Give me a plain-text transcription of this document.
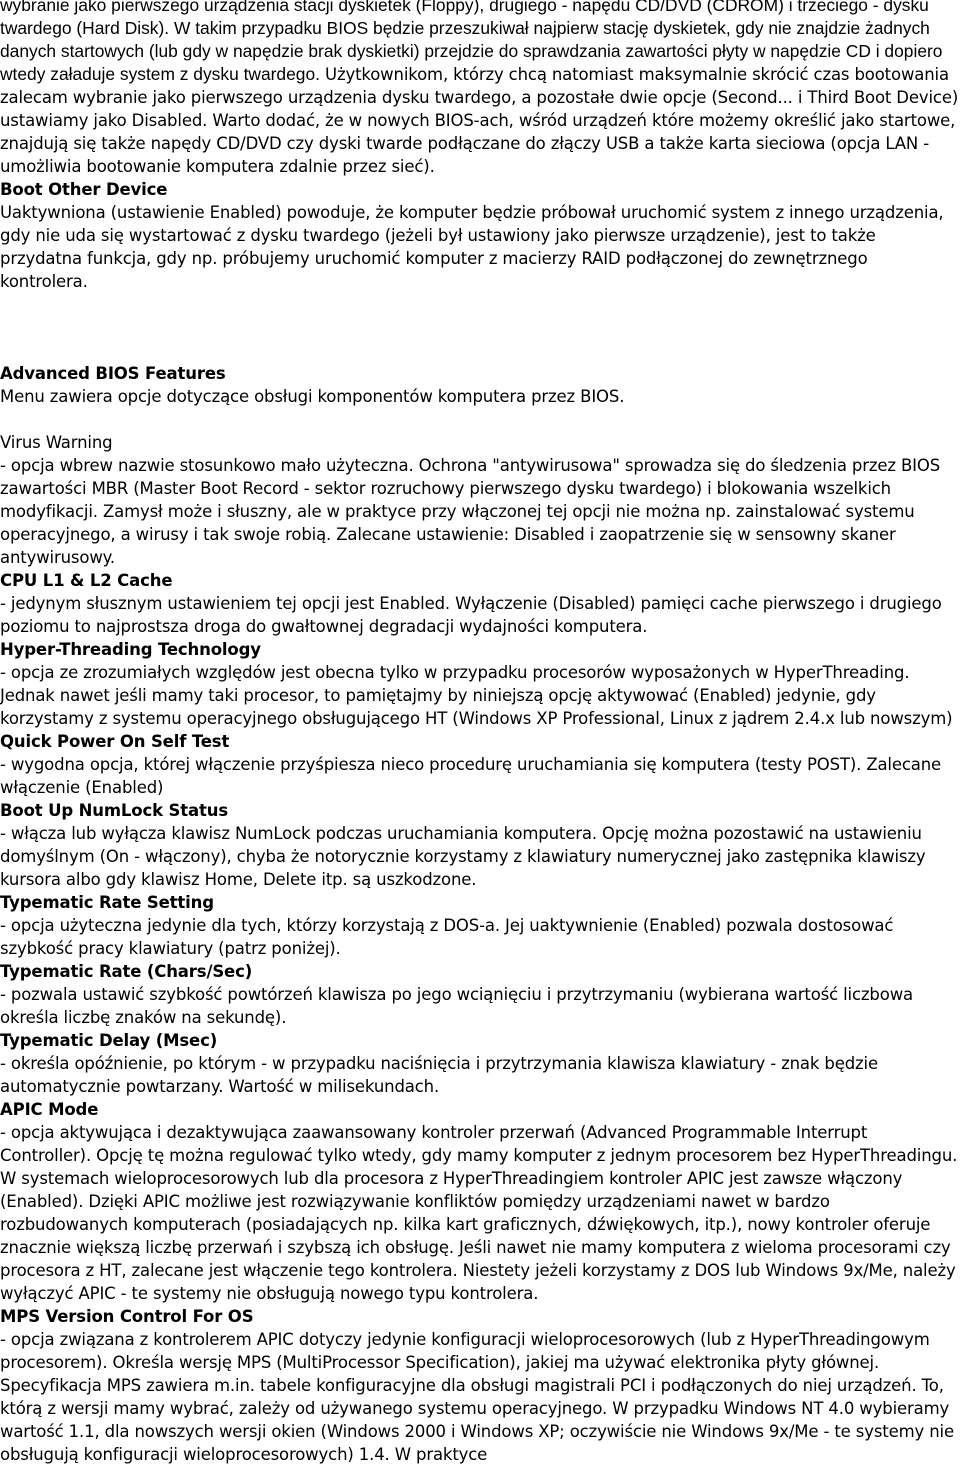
wybranie jako pierwszego urządzenia stacji dyskietek (Floppy), drugiego - napędu CD/DVD (CDROM) i trzeciego - dysku twardego (Hard Disk). W takim przypadku BIOS będzie przeszukiwał najpierw stację dyskietek, gdy nie znajdzie żadnych danych startowych (lub gdy w napędzie brak dyskietki) przejdzie do sprawdzania zawartości płyty w napędzie CD i dopiero wtedy załaduje system z dysku twardego. Użytkownikom, którzy chcą natomiast maksymalnie skrócić czas bootowania zalecam wybranie jako pierwszego urządzenia dysku twardego, a pozostałe dwie opcje (Second... i Third Boot Device) ustawiamy jako Disabled. Warto dodać, że w nowych BIOS-ach, wśród urządzeń które możemy określić jako startowe, znajdują się także napędy CD/DVD czy dyski twarde podłączane do złączy USB a także karta sieciowa (opcja LAN - umożliwia bootowanie komputera zdalnie przez sieć).

Boot Other Device

Uaktywniona (ustawienie Enabled) powoduje, że komputer będzie próbował uruchomić system z innego urządzenia, gdy nie uda się wystartować z dysku twardego (jeżeli był ustawiony jako pierwsze urządzenie), jest to także przydatna funkcja, gdy np. próbujemy uruchomić komputer z macierzy RAID podłączonej do zewnętrznego kontrolera.

Advanced BIOS Features

Menu zawiera opcje dotyczące obsługi komponentów komputera przez BIOS.

Virus Warning

- opcja wbrew nazwie stosunkowo mało użyteczna. Ochrona "antywirusowa" sprowadza się do śledzenia przez BIOS zawartości MBR (Master Boot Record - sektor rozruchowy pierwszego dysku twardego) i blokowania wszelkich modyfikacji. Zamysł może i słuszny, ale w praktyce przy włączonej tej opcji nie można np. zainstalować systemu operacyjnego, a wirusy i tak swoje robią. Zalecane ustawienie: Disabled i zaopatrzenie się w sensowny skaner antywirusowy.

CPU L1 & L2 Cache

- jedynym słusznym ustawieniem tej opcji jest Enabled. Wyłączenie (Disabled) pamięci cache pierwszego i drugiego poziomu to najprostsza droga do gwałtownej degradacji wydajności komputera.

Hyper-Threading Technology

- opcja ze zrozumiałych względów jest obecna tylko w przypadku procesorów wyposażonych w HyperThreading. Jednak nawet jeśli mamy taki procesor, to pamiętajmy by niniejszą opcję aktywować (Enabled) jedynie, gdy korzystamy z systemu operacyjnego obsługującego HT (Windows XP Professional, Linux z jądrem 2.4.x lub nowszym)

Quick Power On Self Test

- wygodna opcja, której włączenie przyśpiesza nieco procedurę uruchamiania się komputera (testy POST). Zalecane włączenie (Enabled)

Boot Up NumLock Status

- włącza lub wyłącza klawisz NumLock podczas uruchamiania komputera. Opcję można pozostawić na ustawieniu domyślnym (On - włączony), chyba że notorycznie korzystamy z klawiatury numerycznej jako zastępnika klawiszy kursora albo gdy klawisz Home, Delete itp. są uszkodzone.

Typematic Rate Setting

- opcja użyteczna jedynie dla tych, którzy korzystają z DOS-a. Jej uaktywnienie (Enabled) pozwala dostosować szybkość pracy klawiatury (patrz poniżej).

Typematic Rate (Chars/Sec)

- pozwala ustawić szybkość powtórzeń klawisza po jego wciąnięciu i przytrzymaniu (wybierana wartość liczbowa określa liczbę znaków na sekundę).

Typematic Delay (Msec)

- określa opóźnienie, po którym - w przypadku naciśnięcia i przytrzymania klawisza klawiatury - znak będzie automatycznie powtarzany. Wartość w milisekundach.

APIC Mode

- opcja aktywująca i dezaktywująca zaawansowany kontroler przerwań (Advanced Programmable Interrupt Controller). Opcję tę można regulować tylko wtedy, gdy mamy komputer z jednym procesorem bez HyperThreadingu. W systemach wieloprocesorowych lub dla procesora z HyperThreadingiem kontroler APIC jest zawsze włączony (Enabled). Dzięki APIC możliwe jest rozwiązywanie konfliktów pomiędzy urządzeniami nawet w bardzo rozbudowanych komputerach (posiadających np. kilka kart graficznych, dźwiękowych, itp.), nowy kontroler oferuje znacznie większą liczbę przerwań i szybszą ich obsługę. Jeśli nawet nie mamy komputera z wieloma procesorami czy procesora z HT, zalecane jest włączenie tego kontrolera. Niestety jeżeli korzystamy z DOS lub Windows 9x/Me, należy wyłączyć APIC - te systemy nie obsługują nowego typu kontrolera.

MPS Version Control For OS

- opcja związana z kontrolerem APIC dotyczy jedynie konfiguracji wieloprocesorowych (lub z HyperThreadingowym procesorem). Określa wersję MPS (MultiProcessor Specification), jakiej ma używać elektronika płyty głównej. Specyfikacja MPS zawiera m.in. tabele konfiguracyjne dla obsługi magistrali PCI i podłączonych do niej urządzeń. To, którą z wersji mamy wybrać, zależy od używanego systemu operacyjnego. W przypadku Windows NT 4.0 wybieramy wartość 1.1, dla nowszych wersji okien (Windows 2000 i Windows XP; oczywiście nie Windows 9x/Me - te systemy nie obsługują konfiguracji wieloprocesorowych) 1.4. W praktyce
